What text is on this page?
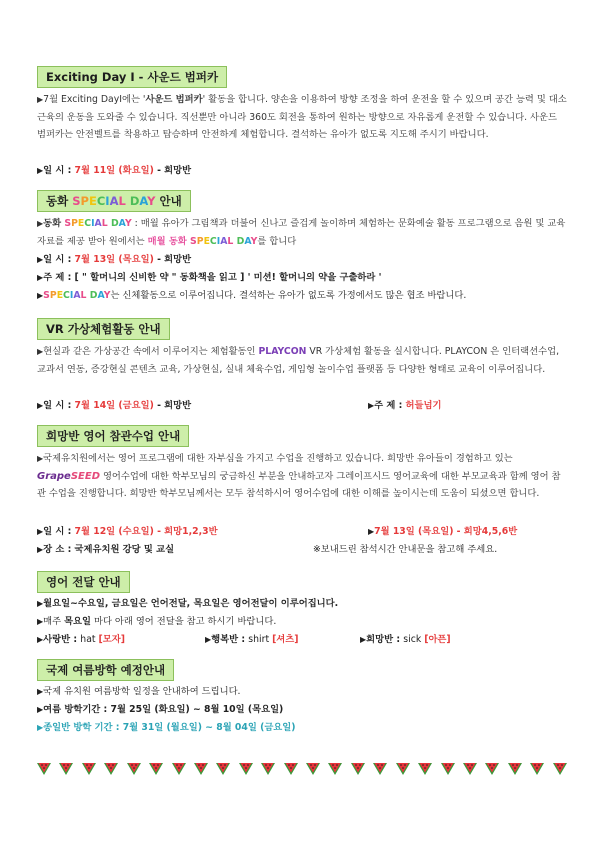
Exciting Day Ⅰ - 사운드 범퍼카
▶7월 Exciting DayⅠ에는 '사운드 범퍼카' 활동을 합니다. 양손을 이용하여 방향 조정을 하여 운전을 할 수 있으며 공간 능력 및 대소근육의 운동을 도와줄 수 있습니다. 직선뿐만 아니라 360도 회전을 통하여 원하는 방향으로 자유롭게 운전할 수 있습니다. 사운드 범퍼카는 안전벨트를 착용하고 탑승하며 안전하게 체험합니다. 결석하는 유아가 없도록 지도해 주시기 바랍니다.
▶일 시 : 7월 11일 (화요일) - 희망반
동화 SPECIAL DAY 안내
▶동화 SPECIAL DAY : 매월 유아가 그림책과 더불어 신나고 즐겁게 놀이하며 체험하는 문화예술 활동 프로그램으로 음원 및 교육 자료를 제공 받아 원에서는 매월 동화 SPECIAL DAY를 합니다
▶일 시 : 7월 13일 (목요일) - 희망반
▶주 제 : [ " 할머니의 신비한 약 " 동화책을 읽고 ] ' 미션! 할머니의 약을 구출하라 '
▶SPECIAL DAY는 신체활동으로 이루어집니다. 결석하는 유아가 없도록 가정에서도 많은 협조 바랍니다.
VR 가상체험활동 안내
▶현실과 같은 가상공간 속에서 이루어지는 체험활동인 PLAYCON VR 가상체험 활동을 실시합니다. PLAYCON 은 인터랙션수업, 교과서 연동, 증강현실 콘텐츠 교육, 가상현실, 실내 체육수업, 게임형 놀이수업 플랫폼 등 다양한 형태로 교육이 이루어집니다.
▶일 시 : 7월 14일 (금요일) - 희망반	▶주 제 : 허들넘기
희망반 영어 참관수업 안내
▶국제유치원에서는 영어 프로그램에 대한 자부심을 가지고 수업을 진행하고 있습니다. 희망반 유아들이 경험하고 있는 GrapeSEED 영어수업에 대한 학부모님의 궁금하신 부분을 안내하고자 그레이프시드 영어교육에 대한 부모교육과 함께 영어 참관 수업을 진행합니다. 희망반 학부모님께서는 모두 참석하시어 영어수업에 대한 이해를 높이시는데 도움이 되셨으면 합니다.
▶일 시 : 7월 12일 (수요일) - 희망1,2,3반	▶7월 13일 (목요일) - 희망4,5,6반
▶장 소 : 국제유치원 강당 및 교실	※보내드린 참석시간 안내문을 참고해 주세요.
영어 전달 안내
▶월요일~수요일, 금요일은 언어전달, 목요일은 영어전달이 이루어집니다.
▶매주 목요일 마다 아래 영어 전달을 참고 하시기 바랍니다.
▶사랑반 : hat [모자]	▶행복반 : shirt [셔츠]	▶희망반 : sick [아픈]
국제 여름방학 예정안내
▶국제 유치원 여름방학 일정을 안내하여 드립니다.
▶여름 방학기간 : 7월 25일 (화요일) ~ 8월 10일 (목요일)
▶종일반 방학 기간 : 7월 31일 (월요일) ~ 8월 04일 (금요일)
